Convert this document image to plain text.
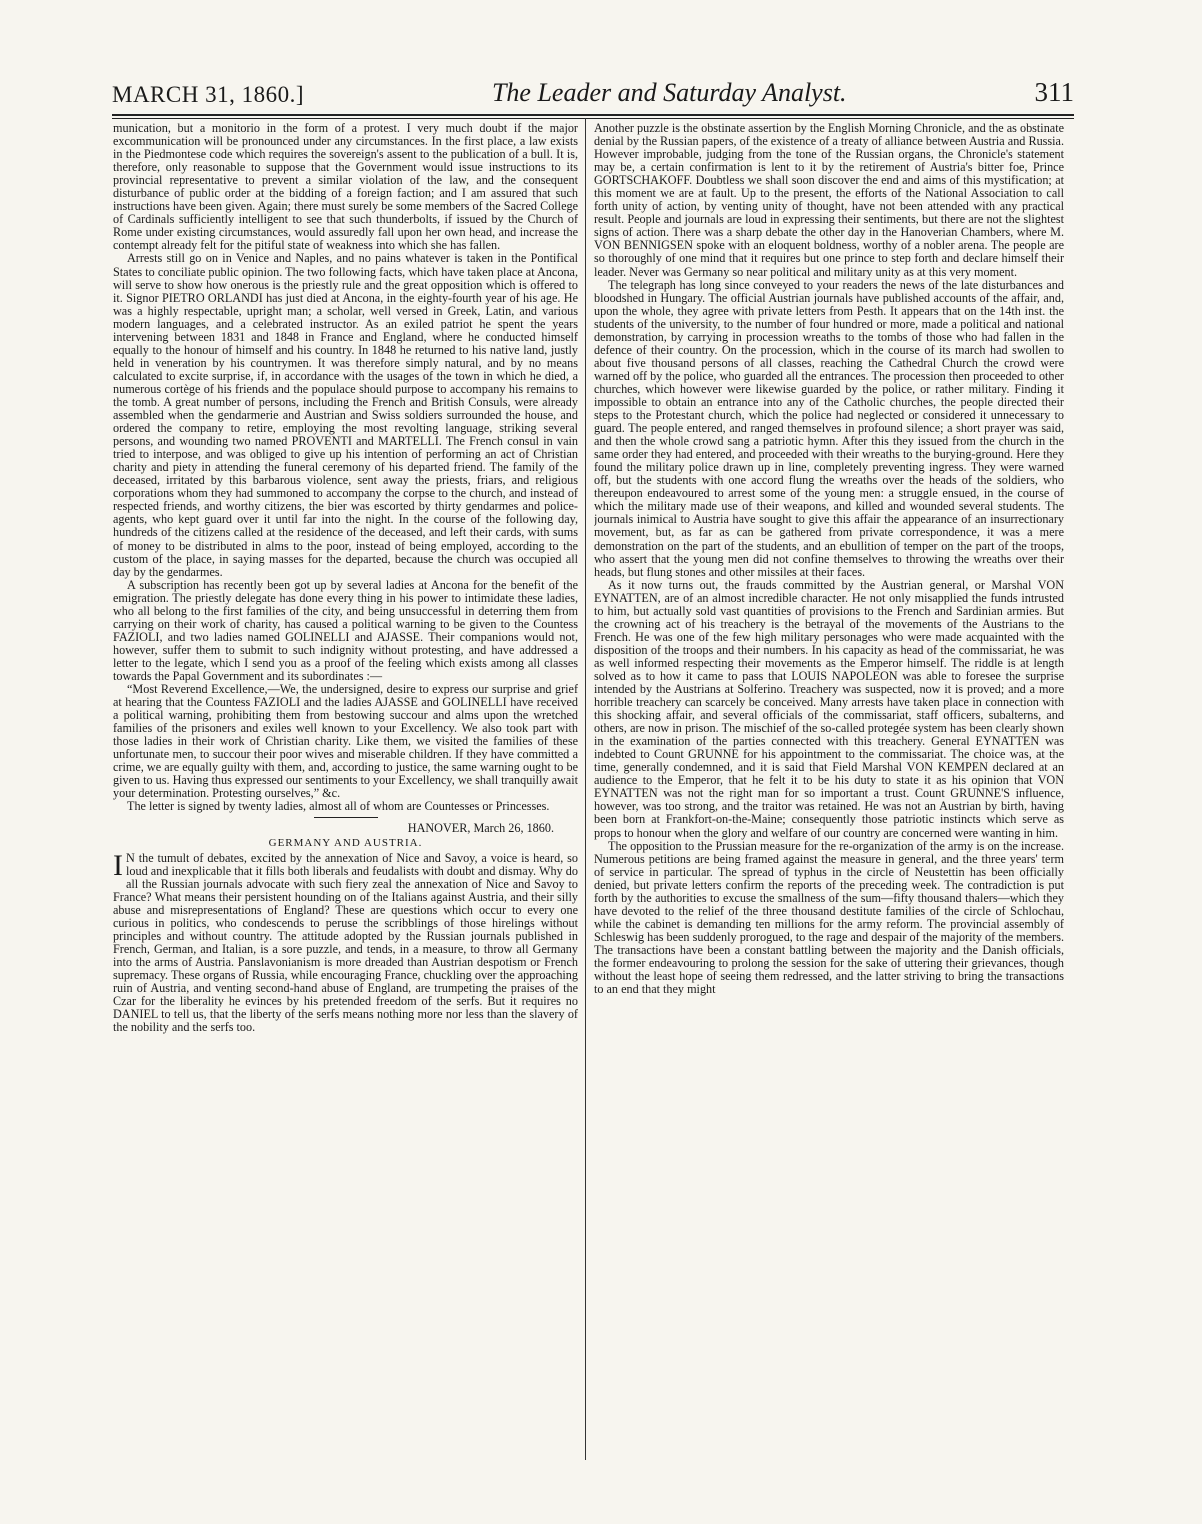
MARCH 31, 1860.]	The Leader and Saturday Analyst.	311

munication, but a monitorio in the form of a protest. I very much doubt if the major excommunication will be pronounced under any circumstances. In the first place, a law exists in the Piedmontese code which requires the sovereign's assent to the publication of a bull. It is, therefore, only reasonable to suppose that the Government would issue instructions to its provincial representative to prevent a similar violation of the law, and the consequent disturbance of public order at the bidding of a foreign faction; and I am assured that such instructions have been given. Again; there must surely be some members of the Sacred College of Cardinals sufficiently intelligent to see that such thunderbolts, if issued by the Church of Rome under existing circumstances, would assuredly fall upon her own head, and increase the contempt already felt for the pitiful state of weakness into which she has fallen.

Arrests still go on in Venice and Naples, and no pains whatever is taken in the Pontifical States to conciliate public opinion. The two following facts, which have taken place at Ancona, will serve to show how onerous is the priestly rule and the great opposition which is offered to it. Signor PIETRO ORLANDI has just died at Ancona, in the eighty-fourth year of his age. He was a highly respectable, upright man; a scholar, well versed in Greek, Latin, and various modern languages, and a celebrated instructor. As an exiled patriot he spent the years intervening between 1831 and 1848 in France and England, where he conducted himself equally to the honour of himself and his country. In 1848 he returned to his native land, justly held in veneration by his countrymen. It was therefore simply natural, and by no means calculated to excite surprise, if, in accordance with the usages of the town in which he died, a numerous cortège of his friends and the populace should purpose to accompany his remains to the tomb. A great number of persons, including the French and British Consuls, were already assembled when the gendarmerie and Austrian and Swiss soldiers surrounded the house, and ordered the company to retire, employing the most revolting language, striking several persons, and wounding two named PROVENTI and MARTELLI. The French consul in vain tried to interpose, and was obliged to give up his intention of performing an act of Christian charity and piety in attending the funeral ceremony of his departed friend. The family of the deceased, irritated by this barbarous violence, sent away the priests, friars, and religious corporations whom they had summoned to accompany the corpse to the church, and instead of respected friends, and worthy citizens, the bier was escorted by thirty gendarmes and police-agents, who kept guard over it until far into the night. In the course of the following day, hundreds of the citizens called at the residence of the deceased, and left their cards, with sums of money to be distributed in alms to the poor, instead of being employed, according to the custom of the place, in saying masses for the departed, because the church was occupied all day by the gendarmes.

A subscription has recently been got up by several ladies at Ancona for the benefit of the emigration. The priestly delegate has done every thing in his power to intimidate these ladies, who all belong to the first families of the city, and being unsuccessful in deterring them from carrying on their work of charity, has caused a political warning to be given to the Countess FAZIOLI, and two ladies named GOLINELLI and AJASSE. Their companions would not, however, suffer them to submit to such indignity without protesting, and have addressed a letter to the legate, which I send you as a proof of the feeling which exists among all classes towards the Papal Government and its subordinates :—

“Most Reverend Excellence,—We, the undersigned, desire to express our surprise and grief at hearing that the Countess FAZIOLI and the ladies AJASSE and GOLINELLI have received a political warning, prohibiting them from bestowing succour and alms upon the wretched families of the prisoners and exiles well known to your Excellency. We also took part with those ladies in their work of Christian charity. Like them, we visited the families of these unfortunate men, to succour their poor wives and miserable children. If they have committed a crime, we are equally guilty with them, and, according to justice, the same warning ought to be given to us. Having thus expressed our sentiments to your Excellency, we shall tranquilly await your determination. Protesting ourselves,” &c.

The letter is signed by twenty ladies, almost all of whom are Countesses or Princesses.

HANOVER, March 26, 1860.

GERMANY AND AUSTRIA.

I N the tumult of debates, excited by the annexation of Nice and Savoy, a voice is heard, so loud and inexplicable that it fills both liberals and feudalists with doubt and dismay. Why do all the Russian journals advocate with such fiery zeal the annexation of Nice and Savoy to France? What means their persistent hounding on of the Italians against Austria, and their silly abuse and misrepresentations of England? These are questions which occur to every one curious in politics, who condescends to peruse the scribblings of those hirelings without principles and without country. The attitude adopted by the Russian journals published in French, German, and Italian, is a sore puzzle, and tends, in a measure, to throw all Germany into the arms of Austria. Panslavonianism is more dreaded than Austrian despotism or French supremacy. These organs of Russia, while encouraging France, chuckling over the approaching ruin of Austria, and venting second-hand abuse of England, are trumpeting the praises of the Czar for the liberality he evinces by his pretended freedom of the serfs. But it requires no DANIEL to tell us, that the liberty of the serfs means nothing more nor less than the slavery of the nobility and the serfs too.

Another puzzle is the obstinate assertion by the English Morning Chronicle, and the as obstinate denial by the Russian papers, of the existence of a treaty of alliance between Austria and Russia. However improbable, judging from the tone of the Russian organs, the Chronicle's statement may be, a certain confirmation is lent to it by the retirement of Austria's bitter foe, Prince GORTSCHAKOFF. Doubtless we shall soon discover the end and aims of this mystification; at this moment we are at fault. Up to the present, the efforts of the National Association to call forth unity of action, by venting unity of thought, have not been attended with any practical result. People and journals are loud in expressing their sentiments, but there are not the slightest signs of action. There was a sharp debate the other day in the Hanoverian Chambers, where M. VON BENNIGSEN spoke with an eloquent boldness, worthy of a nobler arena. The people are so thoroughly of one mind that it requires but one prince to step forth and declare himself their leader. Never was Germany so near political and military unity as at this very moment.

The telegraph has long since conveyed to your readers the news of the late disturbances and bloodshed in Hungary. The official Austrian journals have published accounts of the affair, and, upon the whole, they agree with private letters from Pesth. It appears that on the 14th inst. the students of the university, to the number of four hundred or more, made a political and national demonstration, by carrying in procession wreaths to the tombs of those who had fallen in the defence of their country. On the procession, which in the course of its march had swollen to about five thousand persons of all classes, reaching the Cathedral Church the crowd were warned off by the police, who guarded all the entrances. The procession then proceeded to other churches, which however were likewise guarded by the police, or rather military. Finding it impossible to obtain an entrance into any of the Catholic churches, the people directed their steps to the Protestant church, which the police had neglected or considered it unnecessary to guard. The people entered, and ranged themselves in profound silence; a short prayer was said, and then the whole crowd sang a patriotic hymn. After this they issued from the church in the same order they had entered, and proceeded with their wreaths to the burying-ground. Here they found the military police drawn up in line, completely preventing ingress. They were warned off, but the students with one accord flung the wreaths over the heads of the soldiers, who thereupon endeavoured to arrest some of the young men: a struggle ensued, in the course of which the military made use of their weapons, and killed and wounded several students. The journals inimical to Austria have sought to give this affair the appearance of an insurrectionary movement, but, as far as can be gathered from private correspondence, it was a mere demonstration on the part of the students, and an ebullition of temper on the part of the troops, who assert that the young men did not confine themselves to throwing the wreaths over their heads, but flung stones and other missiles at their faces.

As it now turns out, the frauds committed by the Austrian general, or Marshal VON EYNATTEN, are of an almost incredible character. He not only misapplied the funds intrusted to him, but actually sold vast quantities of provisions to the French and Sardinian armies. But the crowning act of his treachery is the betrayal of the movements of the Austrians to the French. He was one of the few high military personages who were made acquainted with the disposition of the troops and their numbers. In his capacity as head of the commissariat, he was as well informed respecting their movements as the Emperor himself. The riddle is at length solved as to how it came to pass that LOUIS NAPOLEON was able to foresee the surprise intended by the Austrians at Solferino. Treachery was suspected, now it is proved; and a more horrible treachery can scarcely be conceived. Many arrests have taken place in connection with this shocking affair, and several officials of the commissariat, staff officers, subalterns, and others, are now in prison. The mischief of the so-called protegée system has been clearly shown in the examination of the parties connected with this treachery. General EYNATTEN was indebted to Count GRUNNE for his appointment to the commissariat. The choice was, at the time, generally condemned, and it is said that Field Marshal VON KEMPEN declared at an audience to the Emperor, that he felt it to be his duty to state it as his opinion that VON EYNATTEN was not the right man for so important a trust. Count GRUNNE'S influence, however, was too strong, and the traitor was retained. He was not an Austrian by birth, having been born at Frankfort-on-the-Maine; consequently those patriotic instincts which serve as props to honour when the glory and welfare of our country are concerned were wanting in him.

The opposition to the Prussian measure for the re-organization of the army is on the increase. Numerous petitions are being framed against the measure in general, and the three years' term of service in particular. The spread of typhus in the circle of Neustettin has been officially denied, but private letters confirm the reports of the preceding week. The contradiction is put forth by the authorities to excuse the smallness of the sum—fifty thousand thalers—which they have devoted to the relief of the three thousand destitute families of the circle of Schlochau, while the cabinet is demanding ten millions for the army reform. The provincial assembly of Schleswig has been suddenly prorogued, to the rage and despair of the majority of the members. The transactions have been a constant battling between the majority and the Danish officials, the former endeavouring to prolong the session for the sake of uttering their grievances, though without the least hope of seeing them redressed, and the latter striving to bring the transactions to an end that they might
